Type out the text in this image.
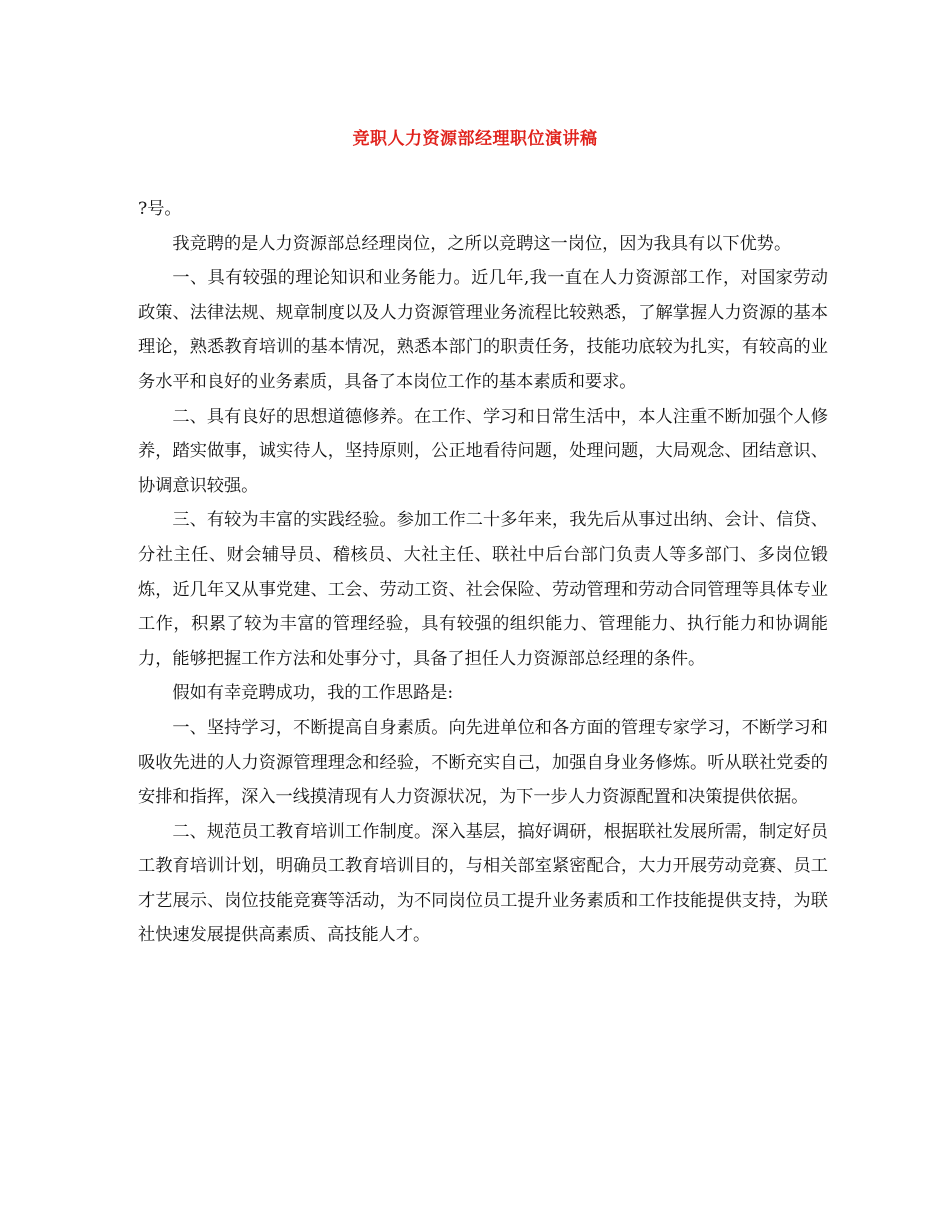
竞职人力资源部经理职位演讲稿

?号。

我竞聘的是人力资源部总经理岗位，之所以竞聘这一岗位，因为我具有以下优势。

一、具有较强的理论知识和业务能力。近几年,我一直在人力资源部工作，对国家劳动政策、法律法规、规章制度以及人力资源管理业务流程比较熟悉，了解掌握人力资源的基本理论，熟悉教育培训的基本情况，熟悉本部门的职责任务，技能功底较为扎实，有较高的业务水平和良好的业务素质，具备了本岗位工作的基本素质和要求。

二、具有良好的思想道德修养。在工作、学习和日常生活中，本人注重不断加强个人修养，踏实做事，诚实待人，坚持原则，公正地看待问题，处理问题，大局观念、团结意识、协调意识较强。

三、有较为丰富的实践经验。参加工作二十多年来，我先后从事过出纳、会计、信贷、分社主任、财会辅导员、稽核员、大社主任、联社中后台部门负责人等多部门、多岗位锻炼，近几年又从事党建、工会、劳动工资、社会保险、劳动管理和劳动合同管理等具体专业工作，积累了较为丰富的管理经验，具有较强的组织能力、管理能力、执行能力和协调能力，能够把握工作方法和处事分寸，具备了担任人力资源部总经理的条件。

假如有幸竞聘成功，我的工作思路是:

一、坚持学习，不断提高自身素质。向先进单位和各方面的管理专家学习，不断学习和吸收先进的人力资源管理理念和经验，不断充实自己，加强自身业务修炼。听从联社党委的安排和指挥，深入一线摸清现有人力资源状况，为下一步人力资源配置和决策提供依据。

二、规范员工教育培训工作制度。深入基层，搞好调研，根据联社发展所需，制定好员工教育培训计划，明确员工教育培训目的，与相关部室紧密配合，大力开展劳动竞赛、员工才艺展示、岗位技能竞赛等活动，为不同岗位员工提升业务素质和工作技能提供支持，为联社快速发展提供高素质、高技能人才。
